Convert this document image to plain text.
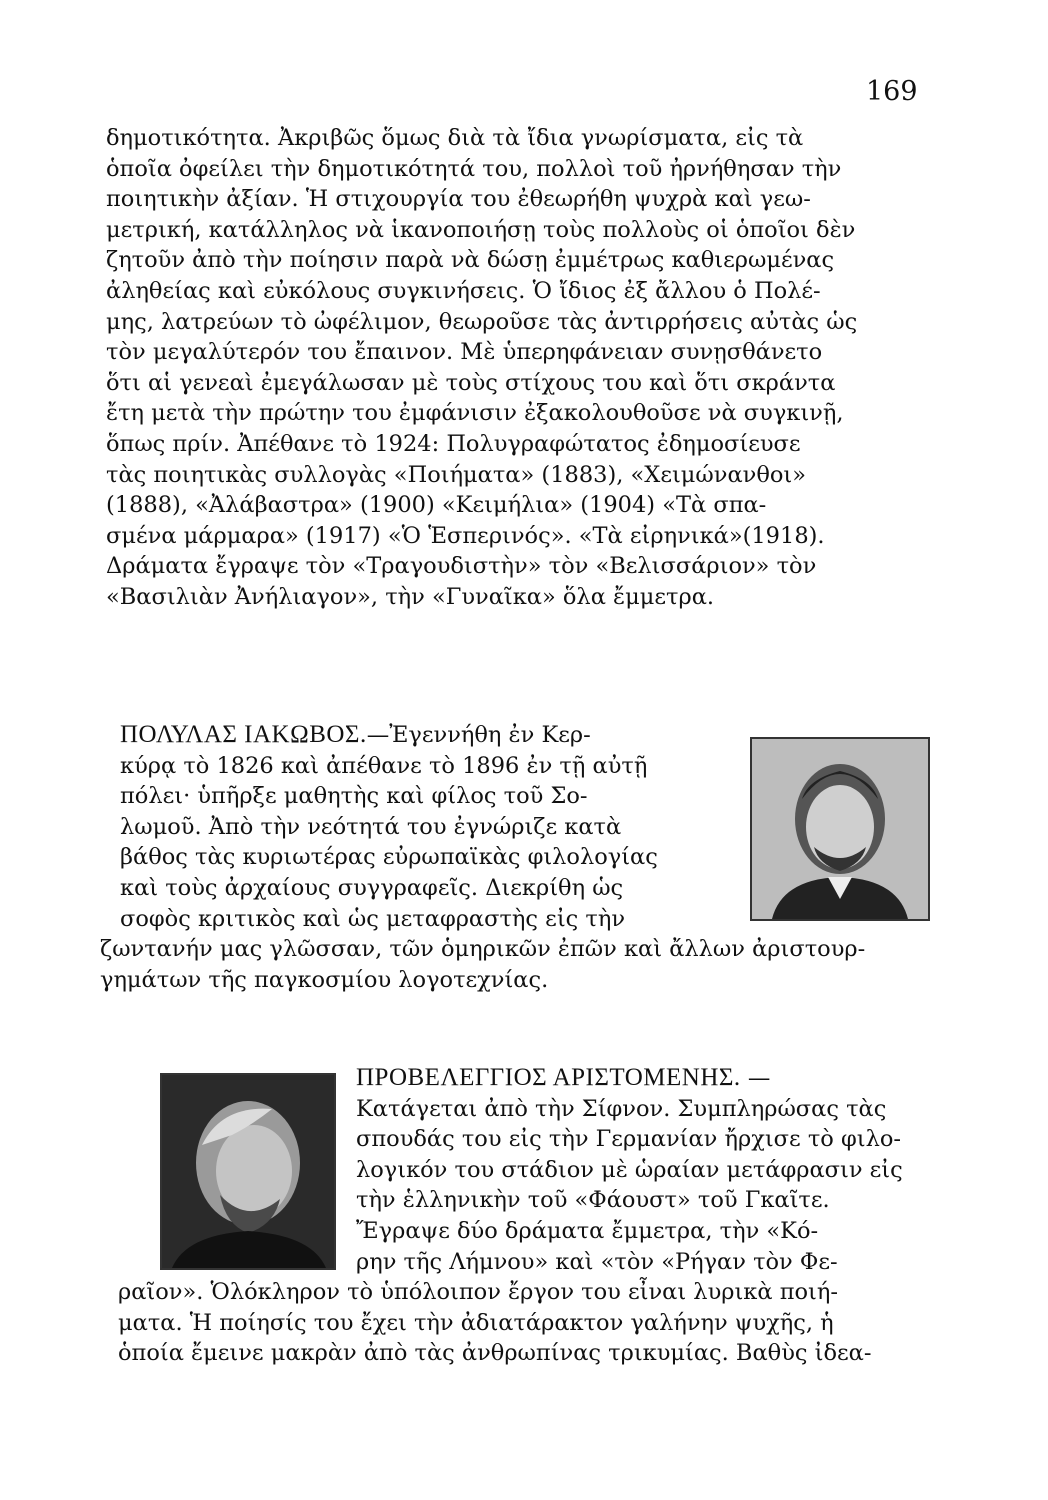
169
δημοτικότητα. Ἀκριβῶς ὅμως διὰ τὰ ἴδια γνωρίσματα, εἰς τὰ
ὁποῖα ὀφείλει τὴν δημοτικότητά του, πολλοὶ τοῦ ἠρνήθησαν τὴν
ποιητικὴν ἀξίαν. Ἡ στιχουργία του ἐθεωρήθη ψυχρὰ καὶ γεω-
μετρική, κατάλληλος νὰ ἱκανοποιήσῃ τοὺς πολλοὺς οἱ ὁποῖοι δὲν
ζητοῦν ἀπὸ τὴν ποίησιν παρὰ νὰ δώσῃ ἐμμέτρως καθιερωμένας
ἀληθείας καὶ εὐκόλους συγκινήσεις. Ὁ ἴδιος ἐξ ἄλλου ὁ Πολέ-
μης, λατρεύων τὸ ὠφέλιμον, θεωροῦσε τὰς ἀντιρρήσεις αὐτὰς ὡς
τὸν μεγαλύτερόν του ἔπαινον. Μὲ ὑπερηφάνειαν συνῃσθάνετο
ὅτι αἱ γενεαὶ ἐμεγάλωσαν μὲ τοὺς στίχους του καὶ ὅτι σκράντα
ἔτη μετὰ τὴν πρώτην του ἐμφάνισιν ἐξακολουθοῦσε νὰ συγκινῇ,
ὅπως πρίν. Ἀπέθανε τὸ 1924: Πολυγραφώτατος ἐδημοσίευσε
τὰς ποιητικὰς συλλογὰς «Ποιήματα» (1883), «Χειμώνανθοι»
(1888), «Ἀλάβαστρα» (1900) «Κειμήλια» (1904) «Τὰ σπα-
σμένα μάρμαρα» (1917) «Ὁ Ἑσπερινός». «Τὰ εἰρηνικά»(1918).
Δράματα ἔγραψε τὸν «Τραγουδιστὴν» τὸν «Βελισσάριον» τὸν
«Βασιλιὰν Ἀνήλιαγον», τὴν «Γυναῖκα» ὅλα ἔμμετρα.
ΠΟΛΥΛΑΣ ΙΑΚΩΒΟΣ.—Ἐγεννήθη ἐν Κερ-
κύρᾳ τὸ 1826 καὶ ἀπέθανε τὸ 1896 ἐν τῇ αὐτῇ
πόλει· ὑπῆρξε μαθητὴς καὶ φίλος τοῦ Σο-
λωμοῦ. Ἀπὸ τὴν νεότητά του ἐγνώριζε κατὰ
βάθος τὰς κυριωτέρας εὐρωπαϊκὰς φιλολογίας
καὶ τοὺς ἀρχαίους συγγραφεῖς. Διεκρίθη ὡς
σοφὸς κριτικὸς καὶ ὡς μεταφραστὴς εἰς τὴν
ζωντανήν μας γλῶσσαν, τῶν ὁμηρικῶν ἐπῶν καὶ ἄλλων ἀριστουρ-
γημάτων τῆς παγκοσμίου λογοτεχνίας.
ΠΡΟΒΕΛΕΓΓΙΟΣ ΑΡΙΣΤΟΜΕΝΗΣ. —
Κατάγεται ἀπὸ τὴν Σίφνον. Συμπληρώσας τὰς
σπουδάς του εἰς τὴν Γερμανίαν ἤρχισε τὸ φιλο-
λογικόν του στάδιον μὲ ὡραίαν μετάφρασιν εἰς
τὴν ἑλληνικὴν τοῦ «Φάουστ» τοῦ Γκαῖτε.
Ἔγραψε δύο δράματα ἔμμετρα, τὴν «Κό-
ρην τῆς Λήμνου» καὶ «τὸν «Ρήγαν τὸν Φε-
ραῖον». Ὁλόκληρον τὸ ὑπόλοιπον ἔργον του εἶναι λυρικὰ ποιή-
ματα. Ἡ ποίησίς του ἔχει τὴν ἀδιατάρακτον γαλήνην ψυχῆς, ἡ
ὁποία ἔμεινε μακρὰν ἀπὸ τὰς ἀνθρωπίνας τρικυμίας. Βαθὺς ἰδεα-
